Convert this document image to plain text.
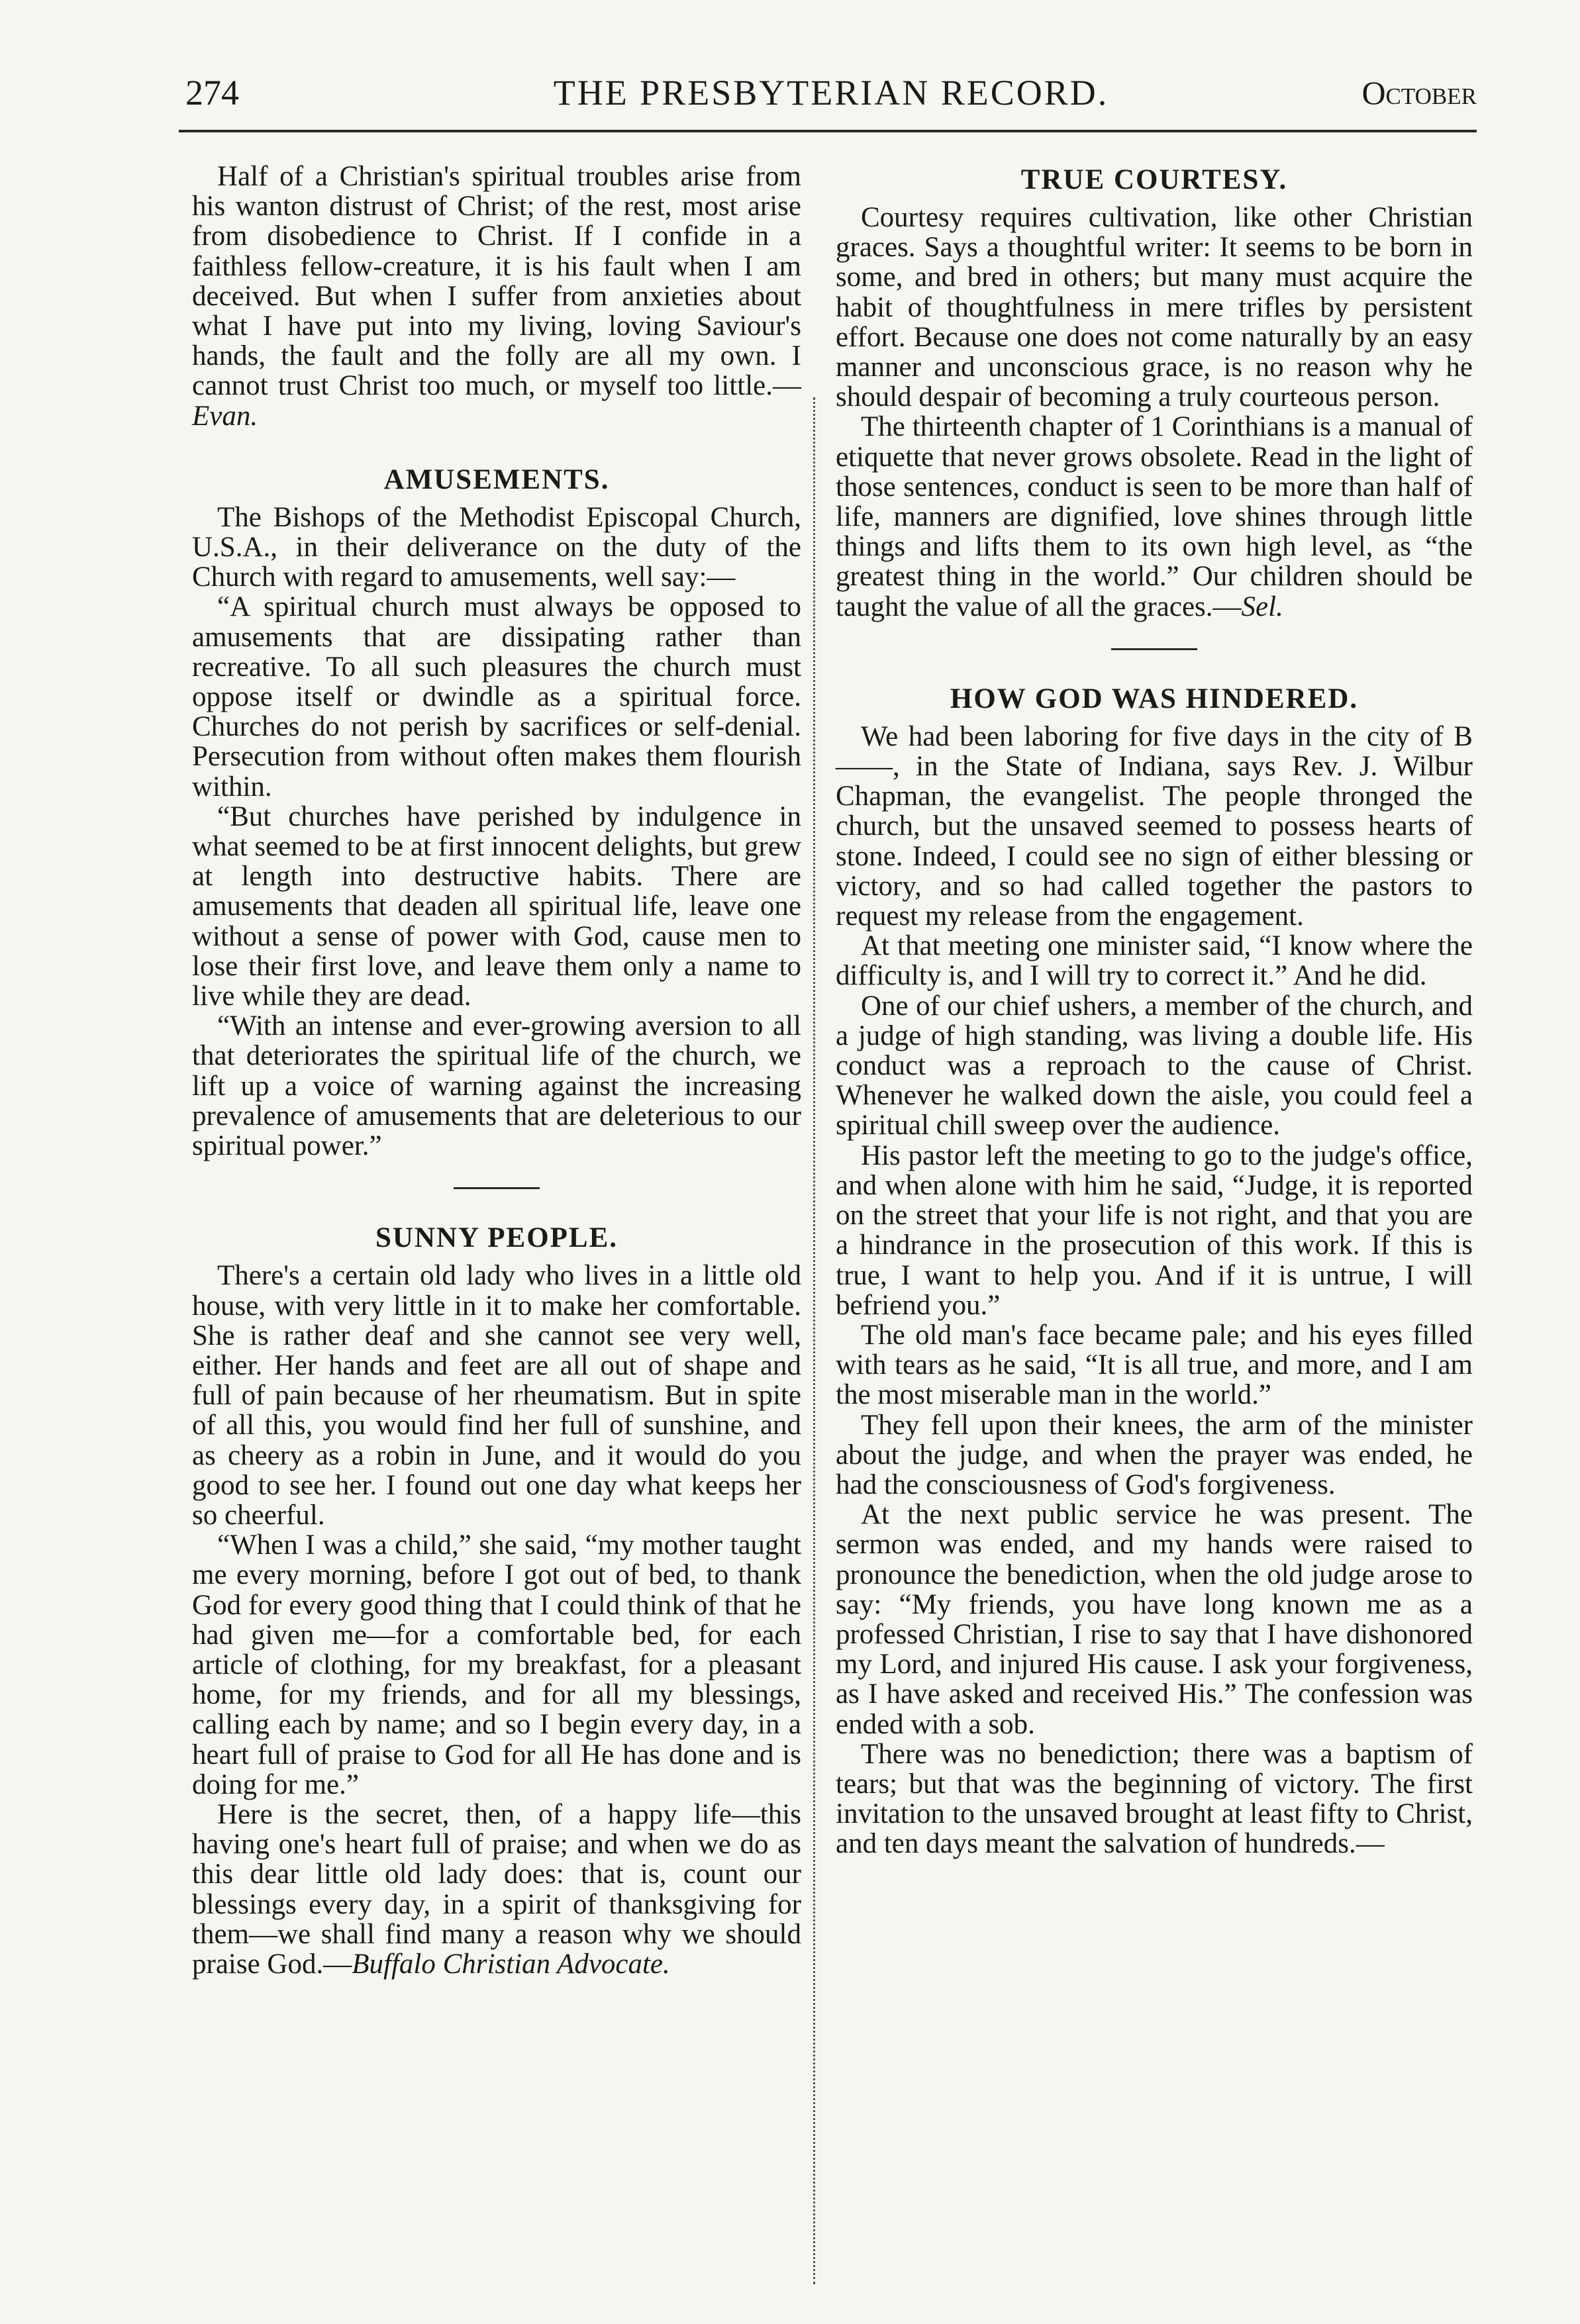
274	THE PRESBYTERIAN RECORD.	October

Half of a Christian's spiritual troubles arise from his wanton distrust of Christ; of the rest, most arise from disobedience to Christ. If I confide in a faithless fellow-creature, it is his fault when I am deceived. But when I suffer from anxieties about what I have put into my living, loving Saviour's hands, the fault and the folly are all my own. I cannot trust Christ too much, or myself too little.—Evan.

AMUSEMENTS.

The Bishops of the Methodist Episcopal Church, U.S.A., in their deliverance on the duty of the Church with regard to amusements, well say:—

“A spiritual church must always be opposed to amusements that are dissipating rather than recreative. To all such pleasures the church must oppose itself or dwindle as a spiritual force. Churches do not perish by sacrifices or self-denial. Persecution from without often makes them flourish within.

“But churches have perished by indulgence in what seemed to be at first innocent delights, but grew at length into destructive habits. There are amusements that deaden all spiritual life, leave one without a sense of power with God, cause men to lose their first love, and leave them only a name to live while they are dead.

“With an intense and ever-growing aversion to all that deteriorates the spiritual life of the church, we lift up a voice of warning against the increasing prevalence of amusements that are deleterious to our spiritual power.”

SUNNY PEOPLE.

There's a certain old lady who lives in a little old house, with very little in it to make her comfortable. She is rather deaf and she cannot see very well, either. Her hands and feet are all out of shape and full of pain because of her rheumatism. But in spite of all this, you would find her full of sunshine, and as cheery as a robin in June, and it would do you good to see her. I found out one day what keeps her so cheerful.

“When I was a child,” she said, “my mother taught me every morning, before I got out of bed, to thank God for every good thing that I could think of that he had given me—for a comfortable bed, for each article of clothing, for my breakfast, for a pleasant home, for my friends, and for all my blessings, calling each by name; and so I begin every day, in a heart full of praise to God for all He has done and is doing for me.”

Here is the secret, then, of a happy life—this having one's heart full of praise; and when we do as this dear little old lady does: that is, count our blessings every day, in a spirit of thanksgiving for them—we shall find many a reason why we should praise God.—Buffalo Christian Advocate.

TRUE COURTESY.

Courtesy requires cultivation, like other Christian graces. Says a thoughtful writer: It seems to be born in some, and bred in others; but many must acquire the habit of thoughtfulness in mere trifles by persistent effort. Because one does not come naturally by an easy manner and unconscious grace, is no reason why he should despair of becoming a truly courteous person.

The thirteenth chapter of 1 Corinthians is a manual of etiquette that never grows obsolete. Read in the light of those sentences, conduct is seen to be more than half of life, manners are dignified, love shines through little things and lifts them to its own high level, as “the greatest thing in the world.” Our children should be taught the value of all the graces.—Sel.

HOW GOD WAS HINDERED.

We had been laboring for five days in the city of B——, in the State of Indiana, says Rev. J. Wilbur Chapman, the evangelist. The people thronged the church, but the unsaved seemed to possess hearts of stone. Indeed, I could see no sign of either blessing or victory, and so had called together the pastors to request my release from the engagement.

At that meeting one minister said, “I know where the difficulty is, and I will try to correct it.” And he did.

One of our chief ushers, a member of the church, and a judge of high standing, was living a double life. His conduct was a reproach to the cause of Christ. Whenever he walked down the aisle, you could feel a spiritual chill sweep over the audience.

His pastor left the meeting to go to the judge's office, and when alone with him he said, “Judge, it is reported on the street that your life is not right, and that you are a hindrance in the prosecution of this work. If this is true, I want to help you. And if it is untrue, I will befriend you.”

The old man's face became pale; and his eyes filled with tears as he said, “It is all true, and more, and I am the most miserable man in the world.”

They fell upon their knees, the arm of the minister about the judge, and when the prayer was ended, he had the consciousness of God's forgiveness.

At the next public service he was present. The sermon was ended, and my hands were raised to pronounce the benediction, when the old judge arose to say: “My friends, you have long known me as a professed Christian, I rise to say that I have dishonored my Lord, and injured His cause. I ask your forgiveness, as I have asked and received His.” The confession was ended with a sob.

There was no benediction; there was a baptism of tears; but that was the beginning of victory. The first invitation to the unsaved brought at least fifty to Christ, and ten days meant the salvation of hundreds.—
